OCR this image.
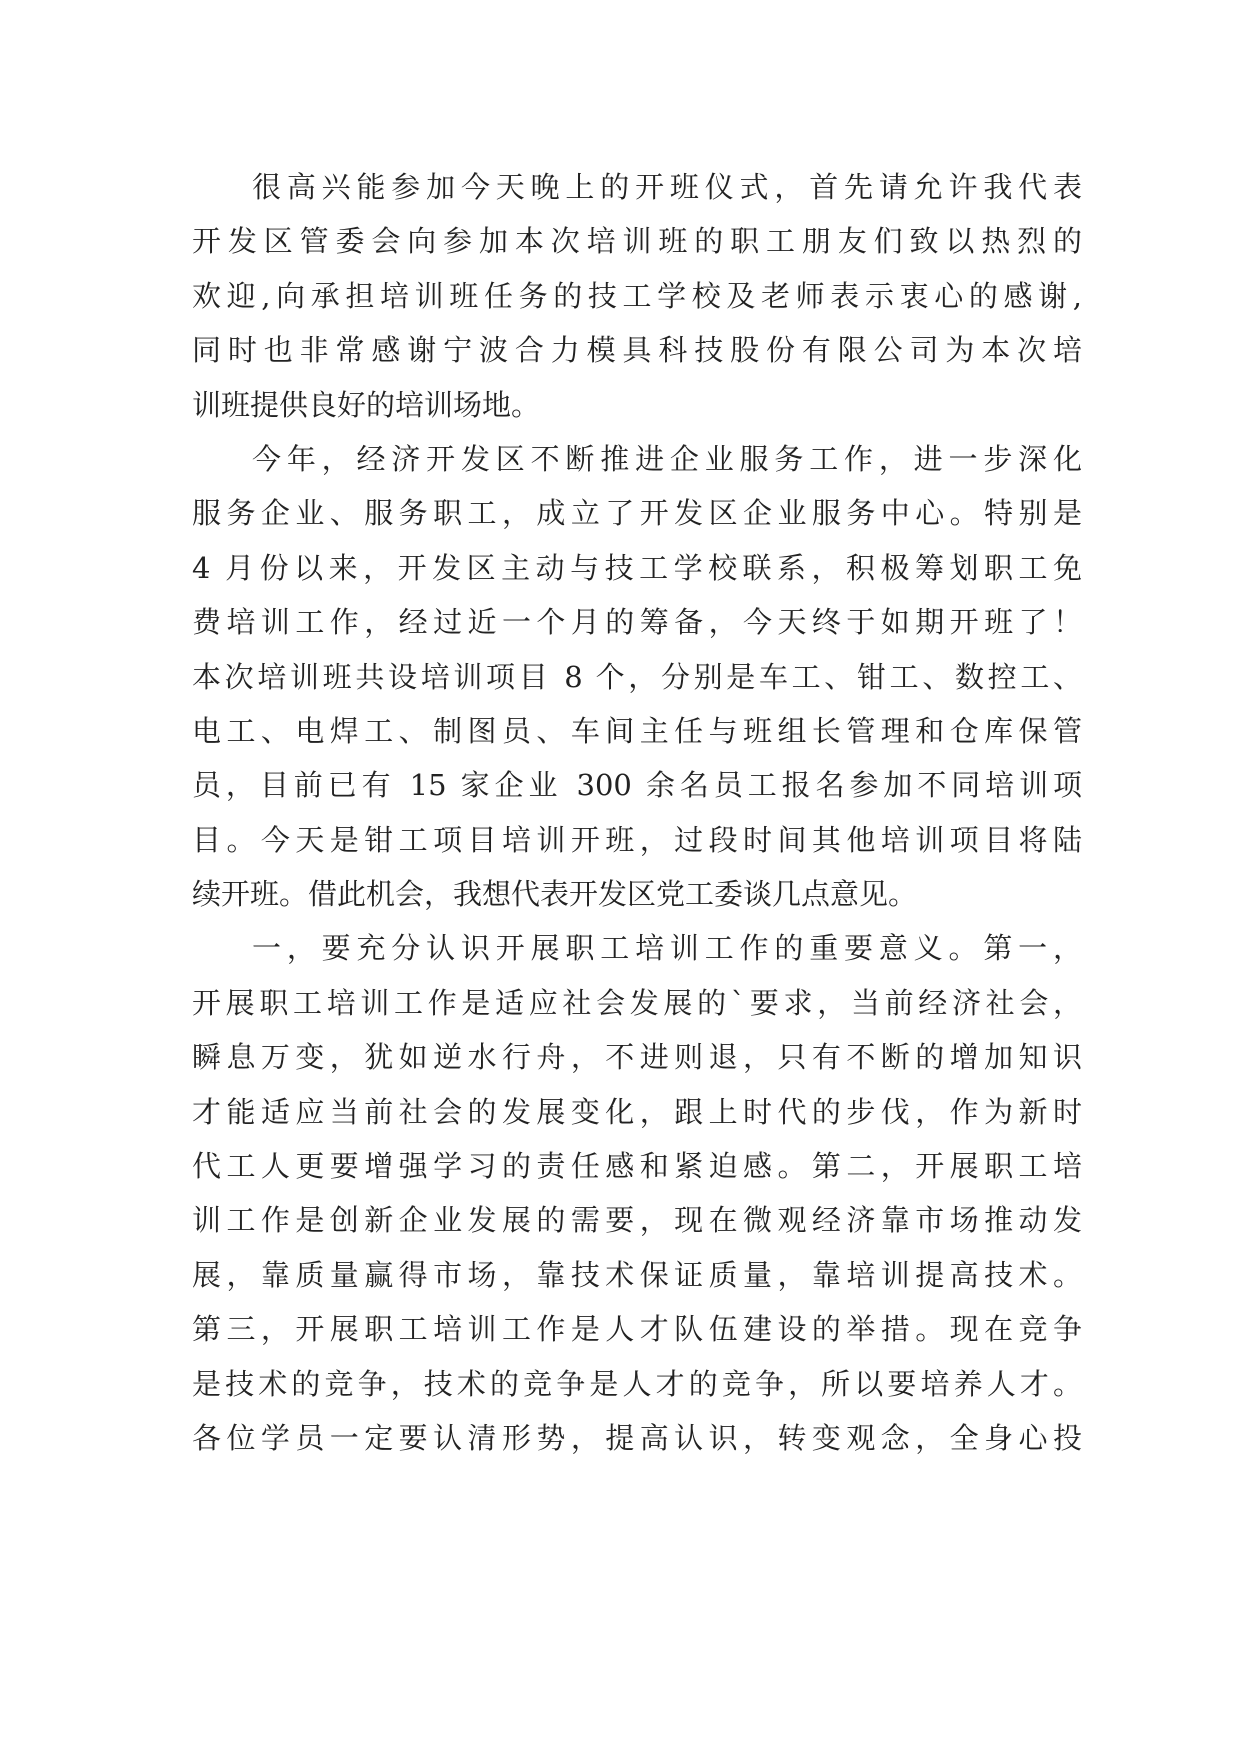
很高兴能参加今天晚上的开班仪式，首先请允许我代表
开发区管委会向参加本次培训班的职工朋友们致以热烈的
欢迎,向承担培训班任务的技工学校及老师表示衷心的感谢,
同时也非常感谢宁波合力模具科技股份有限公司为本次培
训班提供良好的培训场地。
今年，经济开发区不断推进企业服务工作，进一步深化
服务企业、服务职工，成立了开发区企业服务中心。特别是
4 月份以来，开发区主动与技工学校联系，积极筹划职工免
费培训工作，经过近一个月的筹备，今天终于如期开班了！
本次培训班共设培训项目 8 个，分别是车工、钳工、数控工、
电工、电焊工、制图员、车间主任与班组长管理和仓库保管
员，目前已有 15 家企业 300 余名员工报名参加不同培训项
目。今天是钳工项目培训开班，过段时间其他培训项目将陆
续开班。借此机会，我想代表开发区党工委谈几点意见。
一，要充分认识开展职工培训工作的重要意义。第一，
开展职工培训工作是适应社会发展的`要求，当前经济社会，
瞬息万变，犹如逆水行舟，不进则退，只有不断的增加知识
才能适应当前社会的发展变化，跟上时代的步伐，作为新时
代工人更要增强学习的责任感和紧迫感。第二，开展职工培
训工作是创新企业发展的需要，现在微观经济靠市场推动发
展，靠质量赢得市场，靠技术保证质量，靠培训提高技术。
第三，开展职工培训工作是人才队伍建设的举措。现在竞争
是技术的竞争，技术的竞争是人才的竞争，所以要培养人才。
各位学员一定要认清形势，提高认识，转变观念，全身心投
